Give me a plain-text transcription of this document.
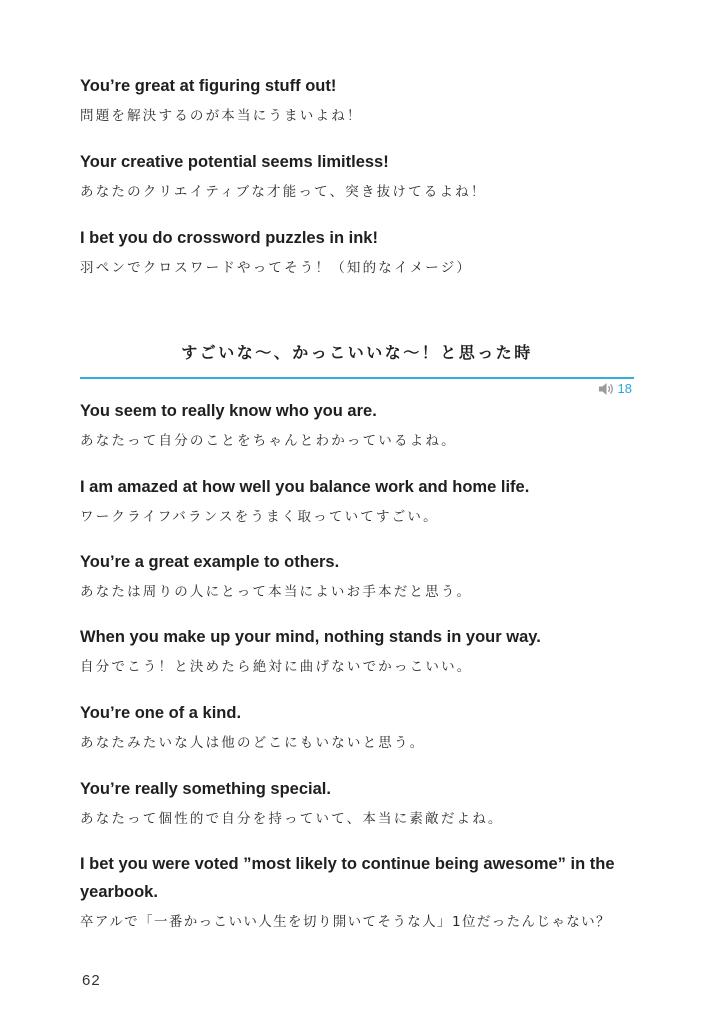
You’re great at figuring stuff out!
問題を解決するのが本当にうまいよね！
Your creative potential seems limitless!
あなたのクリエイティブな才能って、突き抜けてるよね！
I bet you do crossword puzzles in ink!
羽ペンでクロスワードやってそう！（知的なイメージ）
すごいな〜、かっこいいな〜！と思った時
18
You seem to really know who you are.
あなたって自分のことをちゃんとわかっているよね。
I am amazed at how well you balance work and home life.
ワークライフバランスをうまく取っていてすごい。
You’re a great example to others.
あなたは周りの人にとって本当によいお手本だと思う。
When you make up your mind, nothing stands in your way.
自分でこう！と決めたら絶対に曲げないでかっこいい。
You’re one of a kind.
あなたみたいな人は他のどこにもいないと思う。
You’re really something special.
あなたって個性的で自分を持っていて、本当に素敵だよね。
I bet you were voted ”most likely to continue being awesome” in the yearbook.
卒アルで「一番かっこいい人生を切り開いてそうな人」1位だったんじゃない？
62
